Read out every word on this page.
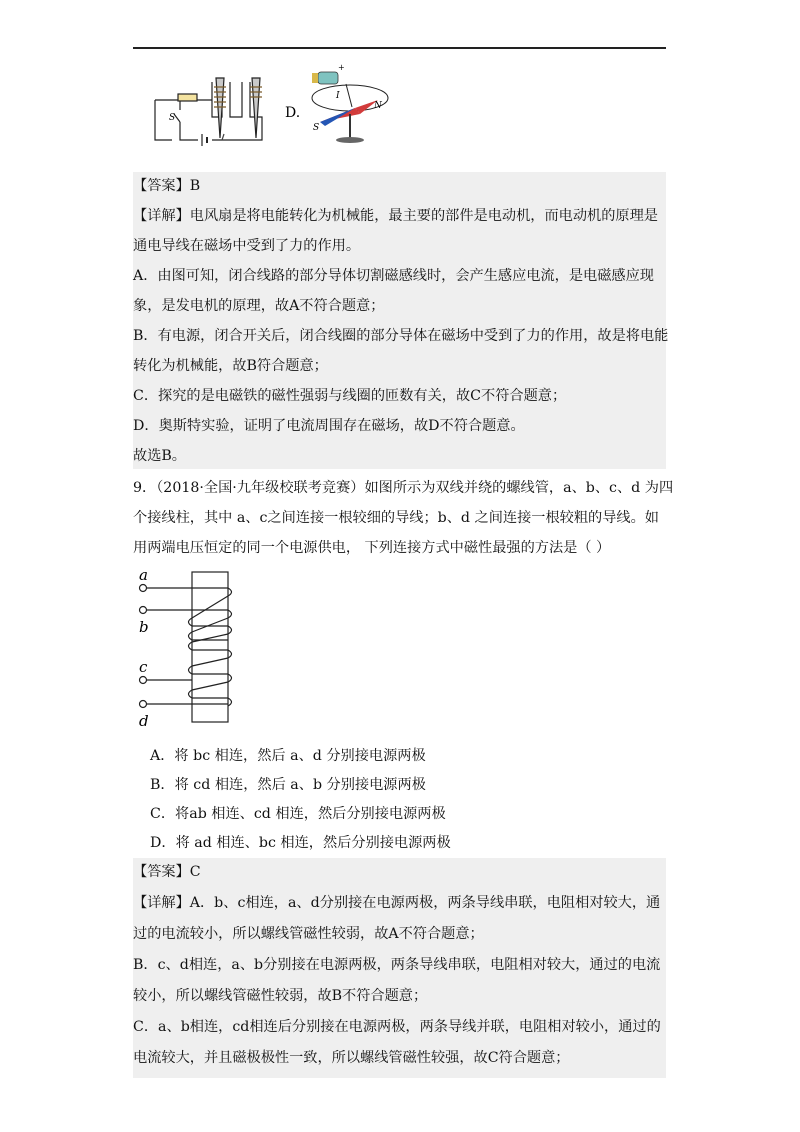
S	D.
+
I
S
N
【答案】B
【详解】电风扇是将电能转化为机械能，最主要的部件是电动机，而电动机的原理是
通电导线在磁场中受到了力的作用。
A．由图可知，闭合线路的部分导体切割磁感线时，会产生感应电流，是电磁感应现
象，是发电机的原理，故A不符合题意；
B．有电源，闭合开关后，闭合线圈的部分导体在磁场中受到了力的作用，故是将电能
转化为机械能，故B符合题意；
C．探究的是电磁铁的磁性强弱与线圈的匝数有关，故C不符合题意；
D．奥斯特实验，证明了电流周围存在磁场，故D不符合题意。
故选B。
9．（2018·全国·九年级校联考竞赛）如图所示为双线并绕的螺线管，a、b、c、d 为四
个接线柱，其中 a、c之间连接一根较细的导线；b、d 之间连接一根较粗的导线。如
用两端电压恒定的同一个电源供电， 下列连接方式中磁性最强的方法是（ ）
a
b
c
d
A．将 bc 相连，然后 a、d 分别接电源两极
B．将 cd 相连，然后 a、b 分别接电源两极
C．将ab 相连、cd 相连，然后分别接电源两极
D．将 ad 相连、bc 相连，然后分别接电源两极
【答案】C
【详解】A．b、c相连，a、d分别接在电源两极，两条导线串联，电阻相对较大，通
过的电流较小，所以螺线管磁性较弱，故A不符合题意；
B．c、d相连，a、b分别接在电源两极，两条导线串联，电阻相对较大，通过的电流
较小，所以螺线管磁性较弱，故B不符合题意；
C．a、b相连，cd相连后分别接在电源两极，两条导线并联，电阻相对较小，通过的
电流较大，并且磁极极性一致，所以螺线管磁性较强，故C符合题意；
